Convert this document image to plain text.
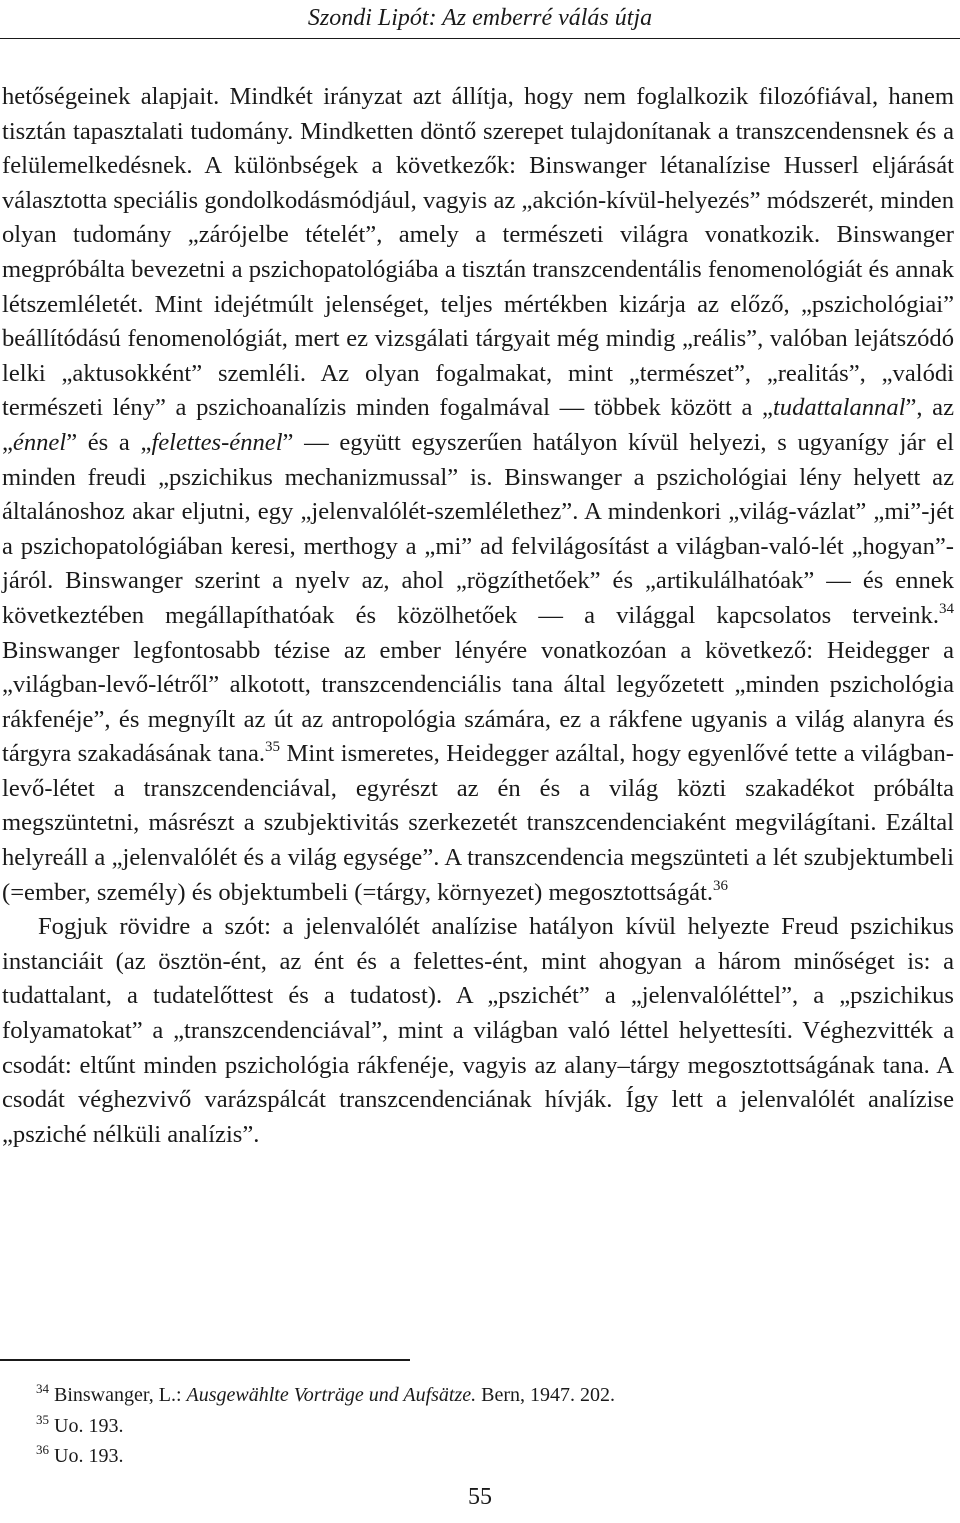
Szondi Lipót: Az emberré válás útja

hetőségeinek alapjait. Mindkét irányzat azt állítja, hogy nem foglalkozik filozófiával, hanem tisztán tapasztalati tudomány. Mindketten döntő szerepet tulajdonítanak a transzcendensnek és a felülemelkedésnek. A különbségek a következők: Binswanger létanalízise Husserl eljárását választotta speciális gondolkodásmódjául, vagyis az „akción-kívül-helyezés” módszerét, minden olyan tudomány „zárójelbe tételét”, amely a természeti világra vonatkozik. Binswanger megpróbálta bevezetni a pszichopatológiába a tisztán transzcendentális fenomenológiát és annak létszemléletét. Mint idejétmúlt jelenséget, teljes mértékben kizárja az előző, „pszichológiai” beállítódású fenomenológiát, mert ez vizsgálati tárgyait még mindig „reális”, valóban lejátszódó lelki „aktusokként” szemléli. Az olyan fogalmakat, mint „természet”, „realitás”, „valódi természeti lény” a pszichoanalízis minden fogalmával — többek között a „tudattalannal”, az „énnel” és a „felettes-énnel” — együtt egyszerűen hatályon kívül helyezi, s ugyanígy jár el minden freudi „pszichikus mechanizmussal” is. Binswanger a pszichológiai lény helyett az általánoshoz akar eljutni, egy „jelenvalólét-szemlélethez”. A mindenkori „világ-vázlat” „mi”-jét a pszichopatológiában keresi, merthogy a „mi” ad felvilágosítást a világban-való-lét „hogyan”-járól. Binswanger szerint a nyelv az, ahol „rögzíthetőek” és „artikulálhatóak” — és ennek következtében megállapíthatóak és közölhetőek — a világgal kapcsolatos terveink.$^{34}$ Binswanger legfontosabb tézise az ember lényére vonatkozóan a következő: Heidegger a „világban-levő-létről” alkotott, transzcendenciális tana által legyőzetett „minden pszichológia rákfenéje”, és megnyílt az út az antropológia számára, ez a rákfene ugyanis a világ alanyra és tárgyra szakadásának tana.$^{35}$ Mint ismeretes, Heidegger azáltal, hogy egyenlővé tette a világban-levő-létet a transzcendenciával, egyrészt az én és a világ közti szakadékot próbálta megszüntetni, másrészt a szubjektivitás szerkezetét transzcendenciaként megvilágítani. Ezáltal helyreáll a „jelenvalólét és a világ egysége”. A transzcendencia megszünteti a lét szubjektumbeli (=ember, személy) és objektumbeli (=tárgy, környezet) megosztottságát.$^{36}$

Fogjuk rövidre a szót: a jelenvalólét analízise hatályon kívül helyezte Freud pszichikus instanciáit (az ösztön-ént, az ént és a felettes-ént, mint ahogyan a három minőséget is: a tudattalant, a tudatelőttest és a tudatost). A „pszichét” a „jelenvalóléttel”, a „pszichikus folyamatokat” a „transzcendenciával”, mint a világban való léttel helyettesíti. Véghezvitték a csodát: eltűnt minden pszichológia rákfenéje, vagyis az alany–tárgy megosztottságának tana. A csodát véghezvivő varázspálcát transzcendenciának hívják. Így lett a jelenvalólét analízise „psziché nélküli analízis”.

$^{34}$ Binswanger, L.: Ausgewählte Vorträge und Aufsätze. Bern, 1947. 202.
$^{35}$ Uo. 193.
$^{36}$ Uo. 193.
55
